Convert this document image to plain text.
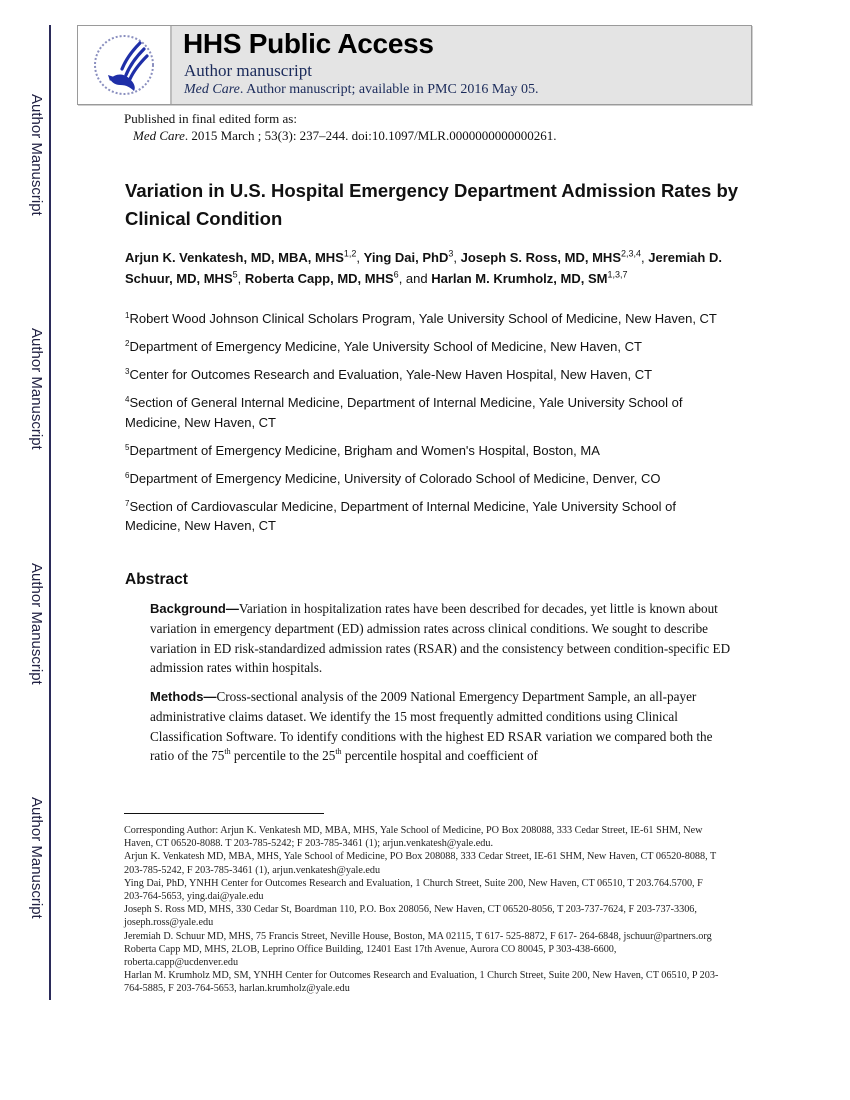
Author Manuscript
Author Manuscript
Author Manuscript
Author Manuscript
HHS Public Access
Author manuscript
Med Care. Author manuscript; available in PMC 2016 May 05.
Published in final edited form as:
Med Care. 2015 March ; 53(3): 237–244. doi:10.1097/MLR.0000000000000261.
Variation in U.S. Hospital Emergency Department Admission Rates by Clinical Condition
Arjun K. Venkatesh, MD, MBA, MHS$^{1,2}$, Ying Dai, PhD$^3$, Joseph S. Ross, MD, MHS$^{2,3,4}$, Jeremiah D. Schuur, MD, MHS$^5$, Roberta Capp, MD, MHS$^6$, and Harlan M. Krumholz, MD, SM$^{1,3,7}$
$^1$Robert Wood Johnson Clinical Scholars Program, Yale University School of Medicine, New Haven, CT
$^2$Department of Emergency Medicine, Yale University School of Medicine, New Haven, CT
$^3$Center for Outcomes Research and Evaluation, Yale-New Haven Hospital, New Haven, CT
$^4$Section of General Internal Medicine, Department of Internal Medicine, Yale University School of Medicine, New Haven, CT
$^5$Department of Emergency Medicine, Brigham and Women's Hospital, Boston, MA
$^6$Department of Emergency Medicine, University of Colorado School of Medicine, Denver, CO
$^7$Section of Cardiovascular Medicine, Department of Internal Medicine, Yale University School of Medicine, New Haven, CT
Abstract
Background—Variation in hospitalization rates have been described for decades, yet little is known about variation in emergency department (ED) admission rates across clinical conditions. We sought to describe variation in ED risk-standardized admission rates (RSAR) and the consistency between condition-specific ED admission rates within hospitals.
Methods—Cross-sectional analysis of the 2009 National Emergency Department Sample, an all-payer administrative claims dataset. We identify the 15 most frequently admitted conditions using Clinical Classification Software. To identify conditions with the highest ED RSAR variation we compared both the ratio of the 75th percentile to the 25th percentile hospital and coefficient of
Corresponding Author: Arjun K. Venkatesh MD, MBA, MHS, Yale School of Medicine, PO Box 208088, 333 Cedar Street, IE-61 SHM, New Haven, CT 06520-8088. T 203-785-5242; F 203-785-3461 (1); arjun.venkatesh@yale.edu.
Arjun K. Venkatesh MD, MBA, MHS, Yale School of Medicine, PO Box 208088, 333 Cedar Street, IE-61 SHM, New Haven, CT 06520-8088, T 203-785-5242, F 203-785-3461 (1), arjun.venkatesh@yale.edu
Ying Dai, PhD, YNHH Center for Outcomes Research and Evaluation, 1 Church Street, Suite 200, New Haven, CT 06510, T 203.764.5700, F 203-764-5653, ying.dai@yale.edu
Joseph S. Ross MD, MHS, 330 Cedar St, Boardman 110, P.O. Box 208056, New Haven, CT 06520-8056, T 203-737-7624, F 203-737-3306, joseph.ross@yale.edu
Jeremiah D. Schuur MD, MHS, 75 Francis Street, Neville House, Boston, MA 02115, T 617- 525-8872, F 617- 264-6848, jschuur@partners.org
Roberta Capp MD, MHS, 2LOB, Leprino Office Building, 12401 East 17th Avenue, Aurora CO 80045, P 303-438-6600, roberta.capp@ucdenver.edu
Harlan M. Krumholz MD, SM, YNHH Center for Outcomes Research and Evaluation, 1 Church Street, Suite 200, New Haven, CT 06510, P 203-764-5885, F 203-764-5653, harlan.krumholz@yale.edu
